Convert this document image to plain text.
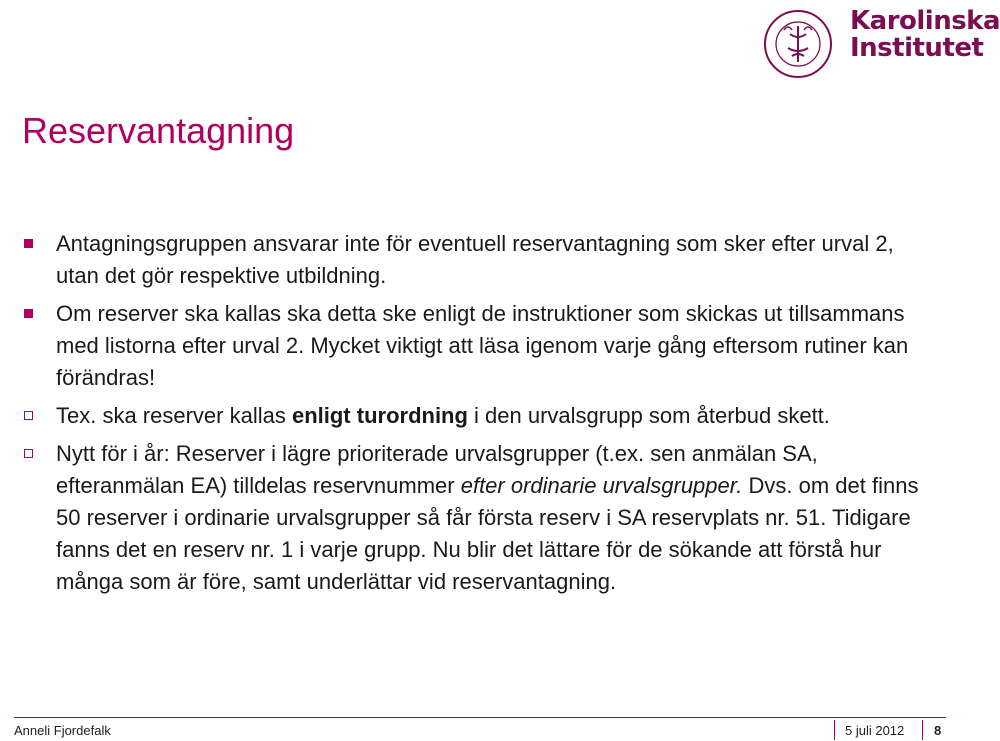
Karolinska
Institutet
Reservantagning
Antagningsgruppen ansvarar inte för eventuell reservantagning som sker efter urval 2, utan det gör respektive utbildning.
Om reserver ska kallas ska detta ske enligt de instruktioner som skickas ut tillsammans med listorna efter urval 2. Mycket viktigt att läsa igenom varje gång eftersom rutiner kan förändras!
Tex. ska reserver kallas enligt turordning i den urvalsgrupp som återbud skett.
Nytt för i år: Reserver i lägre prioriterade urvalsgrupper (t.ex. sen anmälan SA, efteranmälan EA) tilldelas reservnummer efter ordinarie urvalsgrupper. Dvs. om det finns 50 reserver i ordinarie urvalsgrupper så får första reserv i SA reservplats nr. 51. Tidigare fanns det en reserv nr. 1 i varje grupp. Nu blir det lättare för de sökande att förstå hur många som är före, samt underlättar vid reservantagning.
Anneli Fjordefalk	5 juli 2012 8
